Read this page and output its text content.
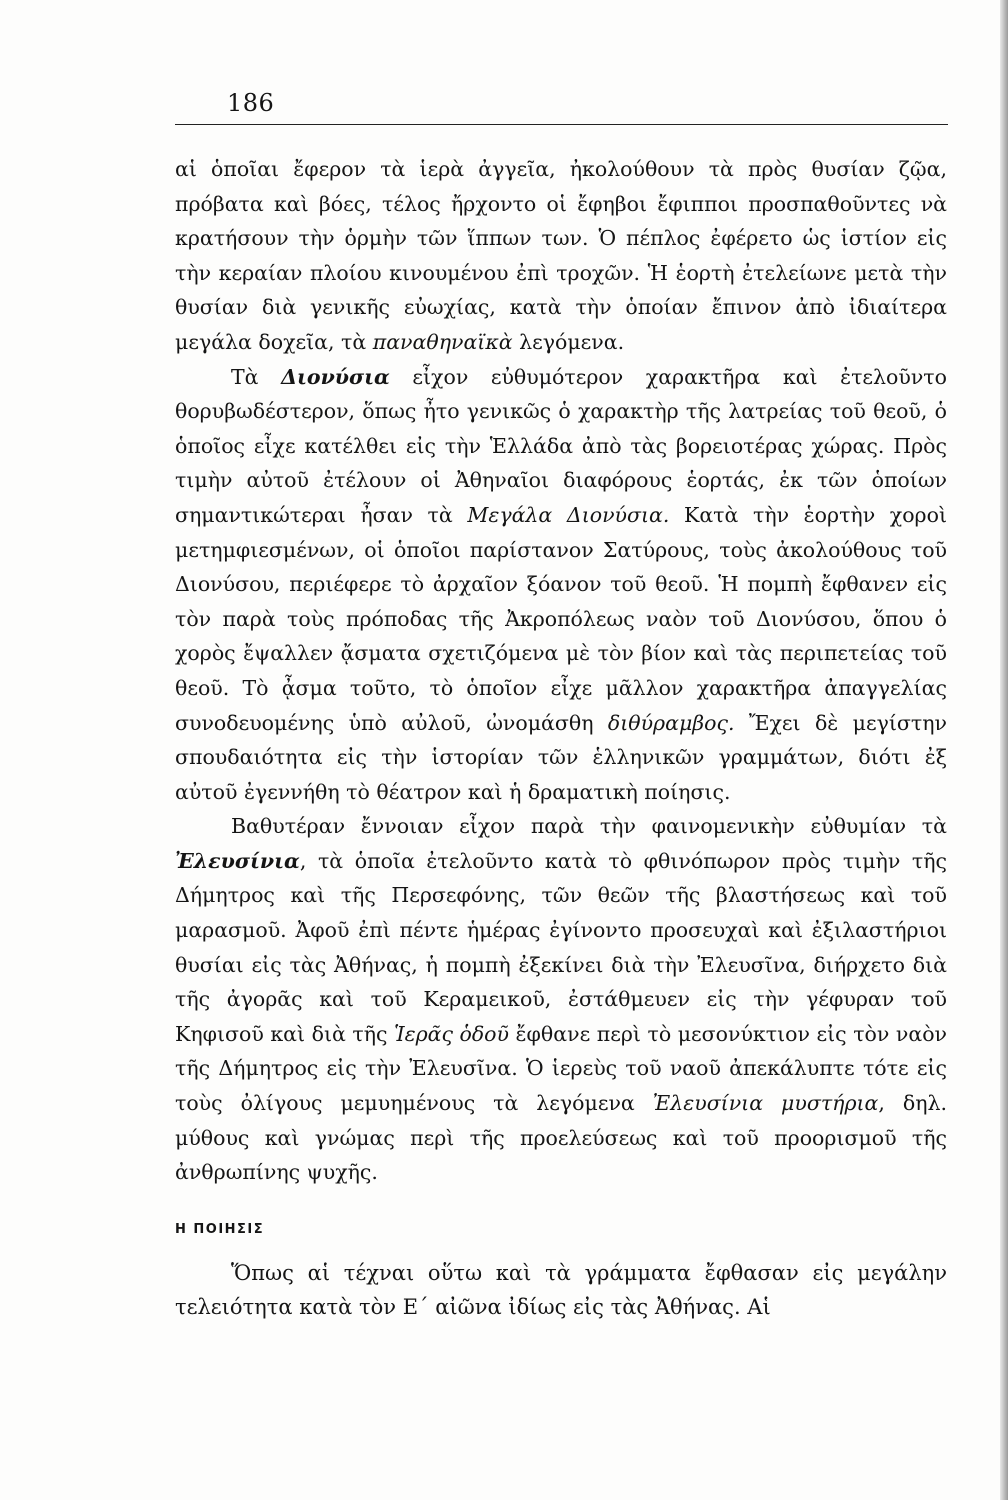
186

αἱ ὁποῖαι ἔφερον τὰ ἱερὰ ἀγγεῖα, ἠκολούθουν τὰ πρὸς θυσίαν ζῷα, πρόβατα καὶ βόες, τέλος ἤρχοντο οἱ ἔφηβοι ἔφιπποι προσπαθοῦντες νὰ κρατήσουν τὴν ὁρμὴν τῶν ἵππων των. Ὁ πέπλος ἐφέρετο ὡς ἱστίον εἰς τὴν κεραίαν πλοίου κινουμένου ἐπὶ τροχῶν. Ἡ ἑορτὴ ἐτελείωνε μετὰ τὴν θυσίαν διὰ γενικῆς εὐωχίας, κατὰ τὴν ὁποίαν ἔπινον ἀπὸ ἰδιαίτερα μεγάλα δοχεῖα, τὰ παναθηναϊκὰ λεγόμενα.

Τὰ Διονύσια εἶχον εὐθυμότερον χαρακτῆρα καὶ ἐτελοῦντο θορυβωδέστερον, ὅπως ἦτο γενικῶς ὁ χαρακτὴρ τῆς λατρείας τοῦ θεοῦ, ὁ ὁποῖος εἶχε κατέλθει εἰς τὴν Ἑλλάδα ἀπὸ τὰς βορειοτέρας χώρας. Πρὸς τιμὴν αὐτοῦ ἐτέλουν οἱ Ἀθηναῖοι διαφόρους ἑορτάς, ἐκ τῶν ὁποίων σημαντικώτεραι ἦσαν τὰ Μεγάλα Διονύσια. Κατὰ τὴν ἑορτὴν χοροὶ μετημφιεσμένων, οἱ ὁποῖοι παρίστανον Σατύρους, τοὺς ἀκολούθους τοῦ Διονύσου, περιέφερε τὸ ἀρχαῖον ξόανον τοῦ θεοῦ. Ἡ πομπὴ ἔφθανεν εἰς τὸν παρὰ τοὺς πρόποδας τῆς Ἀκροπόλεως ναὸν τοῦ Διονύσου, ὅπου ὁ χορὸς ἔψαλλεν ᾄσματα σχετιζόμενα μὲ τὸν βίον καὶ τὰς περιπετείας τοῦ θεοῦ. Τὸ ᾆσμα τοῦτο, τὸ ὁποῖον εἶχε μᾶλλον χαρακτῆρα ἀπαγγελίας συνοδευομένης ὑπὸ αὐλοῦ, ὠνομάσθη διθύραμβος. Ἔχει δὲ μεγίστην σπουδαιότητα εἰς τὴν ἱστορίαν τῶν ἑλληνικῶν γραμμάτων, διότι ἐξ αὐτοῦ ἐγεννήθη τὸ θέατρον καὶ ἡ δραματικὴ ποίησις.

Βαθυτέραν ἔννοιαν εἶχον παρὰ τὴν φαινομενικὴν εὐθυμίαν τὰ Ἐλευσίνια, τὰ ὁποῖα ἐτελοῦντο κατὰ τὸ φθινόπωρον πρὸς τιμὴν τῆς Δήμητρος καὶ τῆς Περσεφόνης, τῶν θεῶν τῆς βλαστήσεως καὶ τοῦ μαρασμοῦ. Ἀφοῦ ἐπὶ πέντε ἡμέρας ἐγίνοντο προσευχαὶ καὶ ἐξιλαστήριοι θυσίαι εἰς τὰς Ἀθήνας, ἡ πομπὴ ἐξεκίνει διὰ τὴν Ἐλευσῖνα, διήρχετο διὰ τῆς ἀγορᾶς καὶ τοῦ Κεραμεικοῦ, ἐστάθμευεν εἰς τὴν γέφυραν τοῦ Κηφισοῦ καὶ διὰ τῆς Ἱερᾶς ὁδοῦ ἔφθανε περὶ τὸ μεσονύκτιον εἰς τὸν ναὸν τῆς Δήμητρος εἰς τὴν Ἐλευσῖνα. Ὁ ἱερεὺς τοῦ ναοῦ ἀπεκάλυπτε τότε εἰς τοὺς ὀλίγους μεμυημένους τὰ λεγόμενα Ἐλευσίνια μυστήρια, δηλ. μύθους καὶ γνώμας περὶ τῆς προελεύσεως καὶ τοῦ προορισμοῦ τῆς ἀνθρωπίνης ψυχῆς.

Η ΠΟΙΗΣΙΣ

Ὅπως αἱ τέχναι οὕτω καὶ τὰ γράμματα ἔφθασαν εἰς μεγάλην τελειότητα κατὰ τὸν Ε΄ αἰῶνα ἰδίως εἰς τὰς Ἀθήνας. Αἱ
